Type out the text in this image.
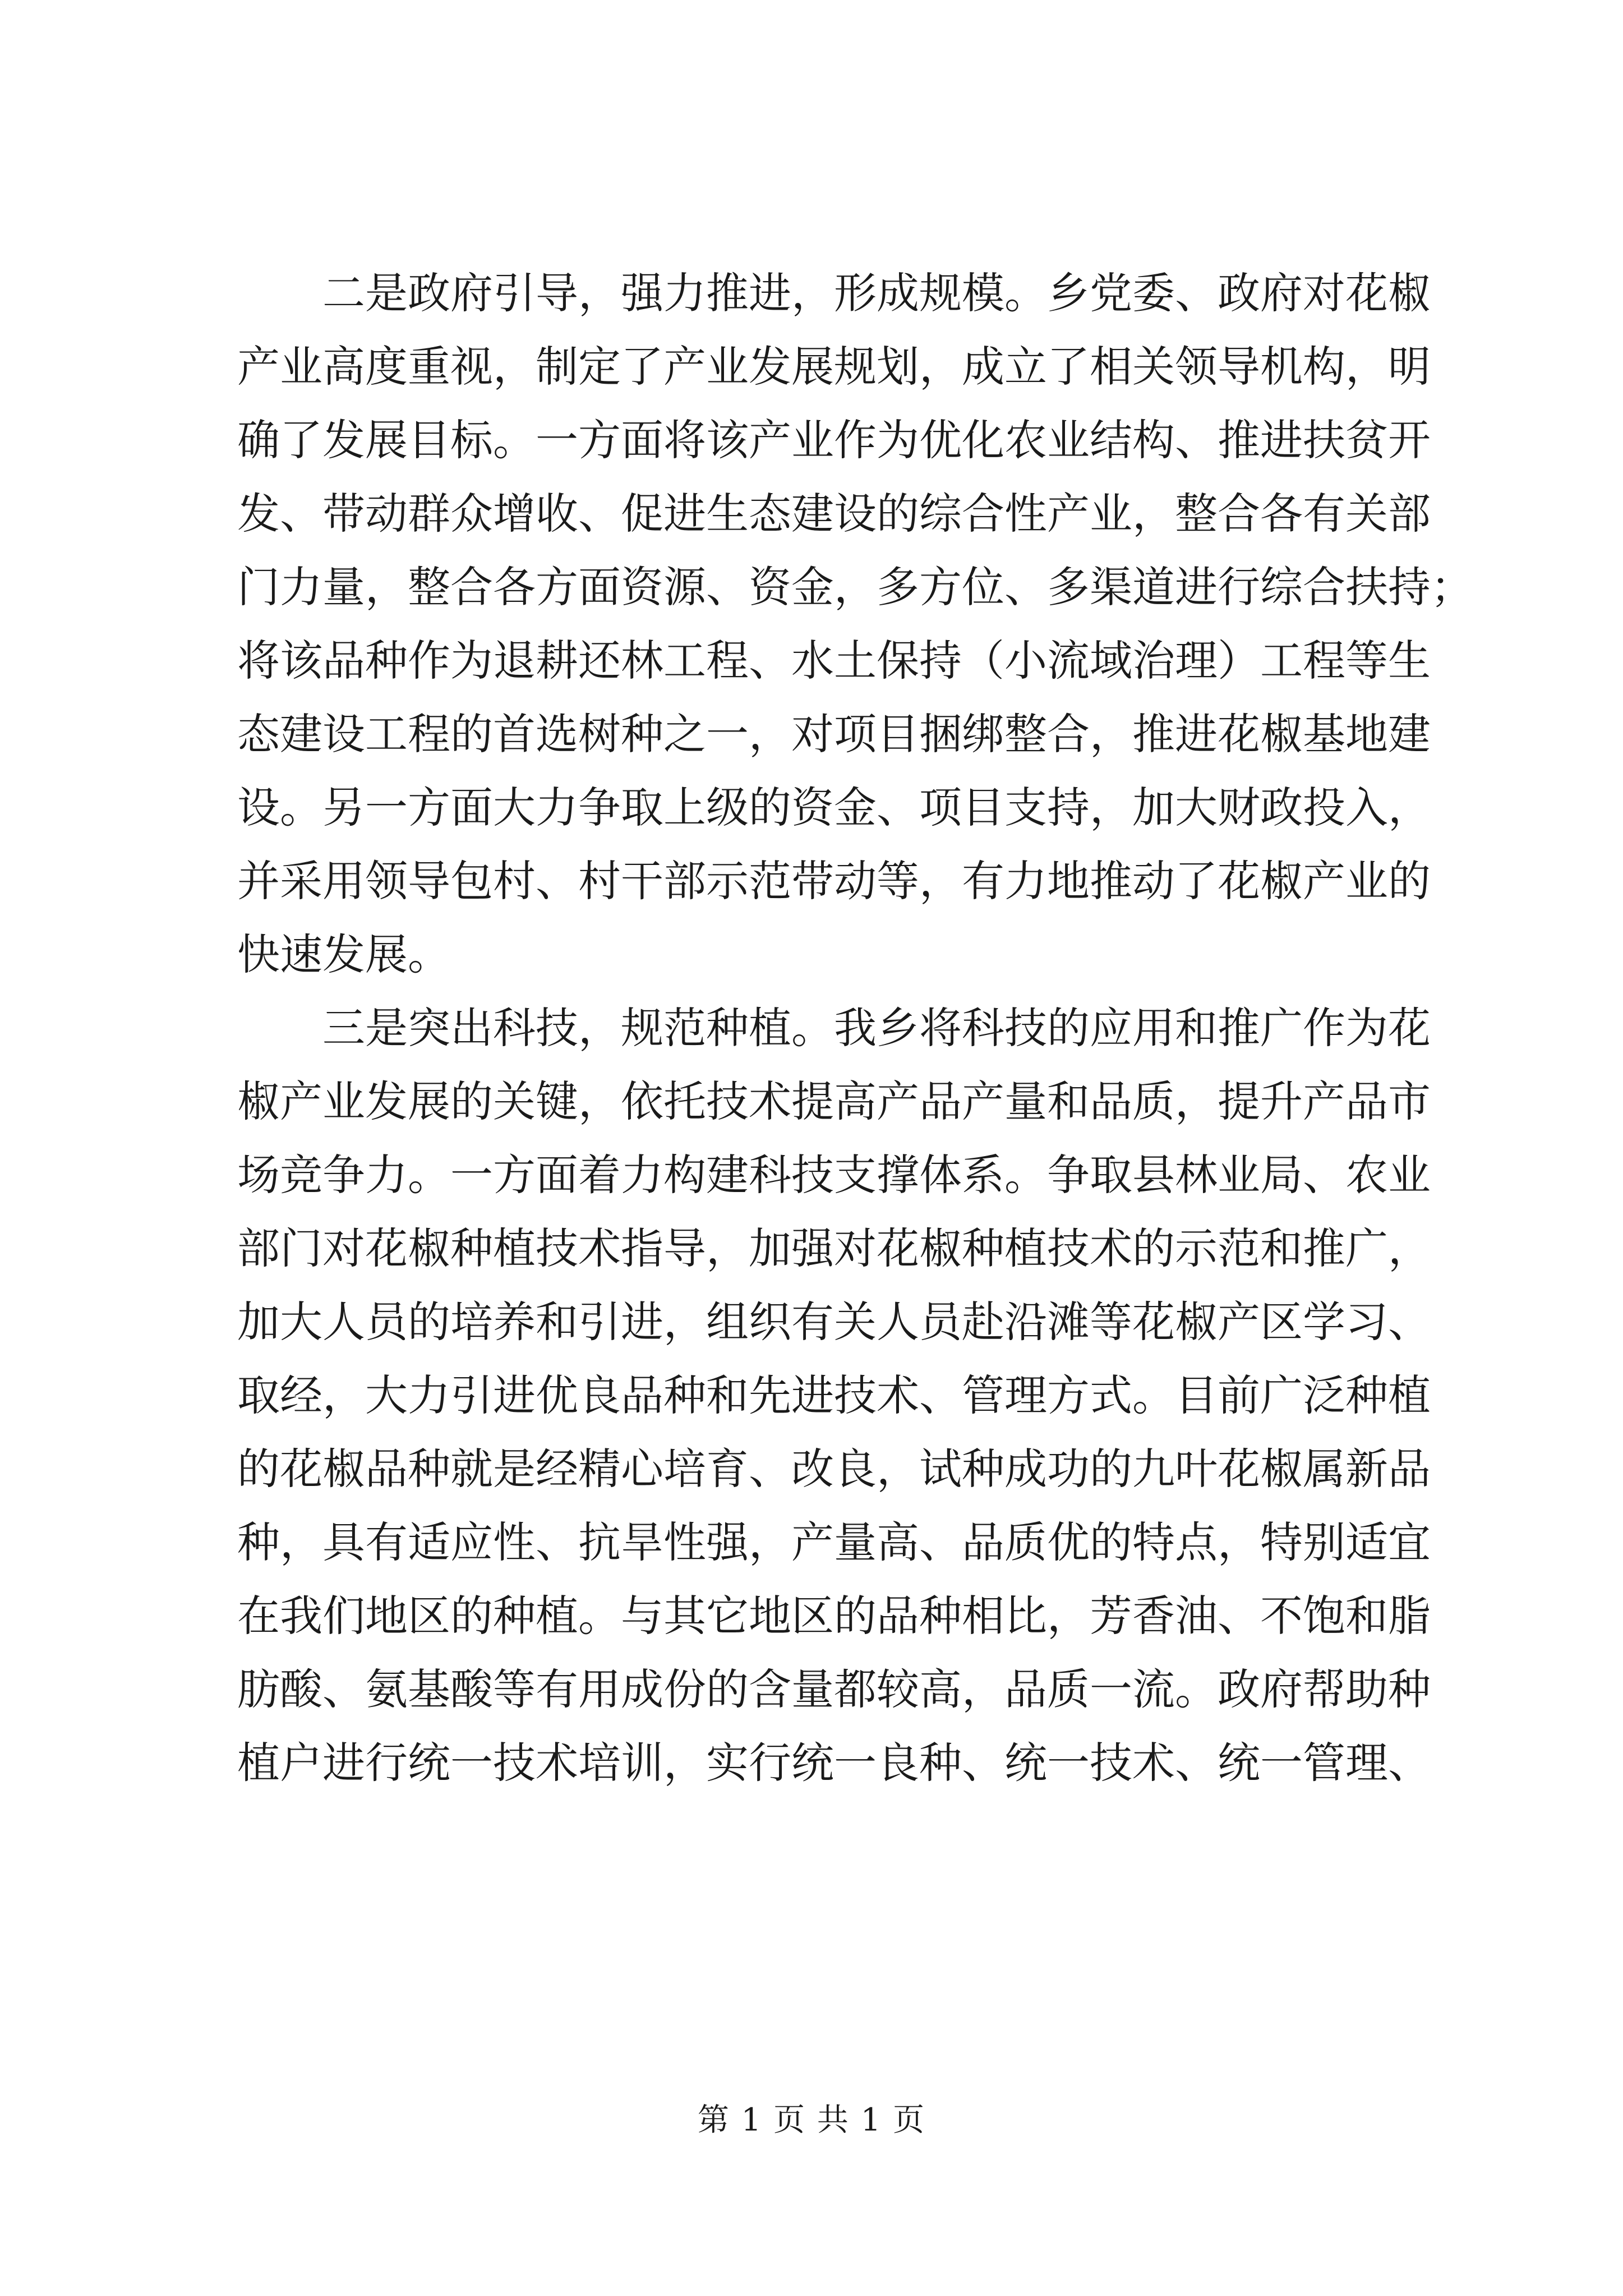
　　二是政府引导，强力推进，形成规模。乡党委、政府对花椒
产业高度重视，制定了产业发展规划，成立了相关领导机构，明
确了发展目标。一方面将该产业作为优化农业结构、推进扶贫开
发、带动群众增收、促进生态建设的综合性产业，整合各有关部
门力量，整合各方面资源、资金，多方位、多渠道进行综合扶持；
将该品种作为退耕还林工程、水土保持（小流域治理）工程等生
态建设工程的首选树种之一，对项目捆绑整合，推进花椒基地建
设。另一方面大力争取上级的资金、项目支持，加大财政投入，
并采用领导包村、村干部示范带动等，有力地推动了花椒产业的
快速发展。
　　三是突出科技，规范种植。我乡将科技的应用和推广作为花
椒产业发展的关键，依托技术提高产品产量和品质，提升产品市
场竞争力。一方面着力构建科技支撑体系。争取县林业局、农业
部门对花椒种植技术指导，加强对花椒种植技术的示范和推广，
加大人员的培养和引进，组织有关人员赴沿滩等花椒产区学习、
取经，大力引进优良品种和先进技术、管理方式。目前广泛种植
的花椒品种就是经精心培育、改良，试种成功的九叶花椒属新品
种，具有适应性、抗旱性强，产量高、品质优的特点，特别适宜
在我们地区的种植。与其它地区的品种相比，芳香油、不饱和脂
肪酸、氨基酸等有用成份的含量都较高，品质一流。政府帮助种
植户进行统一技术培训，实行统一良种、统一技术、统一管理、
第 1 页 共 1 页
